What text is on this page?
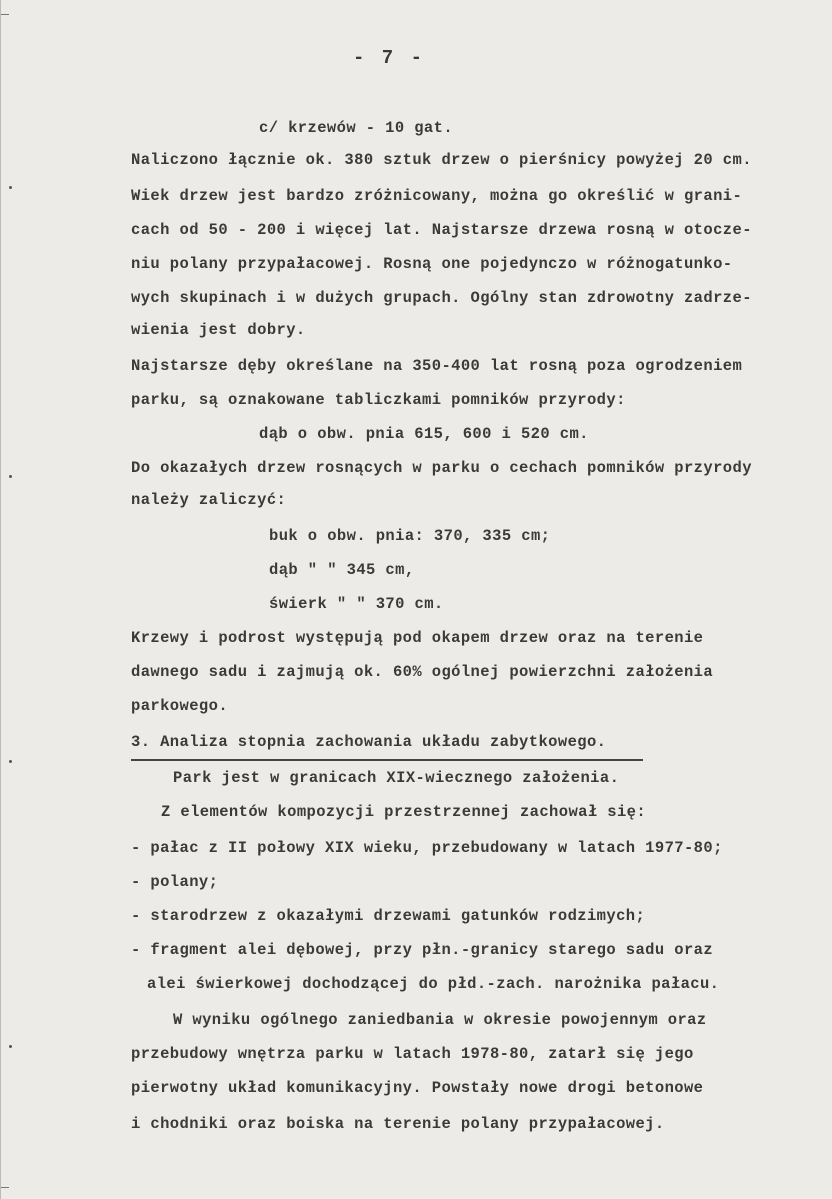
- 7 -
c/ krzewów - 10 gat.
Naliczono łącznie ok. 380 sztuk drzew o pierśnicy powyżej 20 cm.
Wiek drzew jest bardzo zróżnicowany, można go określić w grani-
cach od 50 - 200 i więcej lat. Najstarsze drzewa rosną w otocze-
niu polany przypałacowej. Rosną one pojedynczo w różnogatunko-
wych skupinach i w dużych grupach. Ogólny stan zdrowotny zadrze-
wienia jest dobry.
Najstarsze dęby określane na 350-400 lat rosną poza ogrodzeniem
parku, są oznakowane tabliczkami pomników przyrody:
dąb o obw. pnia 615, 600 i 520 cm.
Do okazałych drzew rosnących w parku o cechach pomników przyrody
należy zaliczyć:
buk o obw. pnia: 370, 335 cm;
dąb " " 345 cm,
świerk " " 370 cm.
Krzewy i podrost występują pod okapem drzew oraz na terenie
dawnego sadu i zajmują ok. 60% ogólnej powierzchni założenia
parkowego.
3. Analiza stopnia zachowania układu zabytkowego.
Park jest w granicach XIX-wiecznego założenia.
Z elementów kompozycji przestrzennej zachował się:
- pałac z II połowy XIX wieku, przebudowany w latach 1977-80;
- polany;
- starodrzew z okazałymi drzewami gatunków rodzimych;
- fragment alei dębowej, przy płn.-granicy starego sadu oraz
alei świerkowej dochodzącej do płd.-zach. narożnika pałacu.
W wyniku ogólnego zaniedbania w okresie powojennym oraz
przebudowy wnętrza parku w latach 1978-80, zatarł się jego
pierwotny układ komunikacyjny. Powstały nowe drogi betonowe
i chodniki oraz boiska na terenie polany przypałacowej.
